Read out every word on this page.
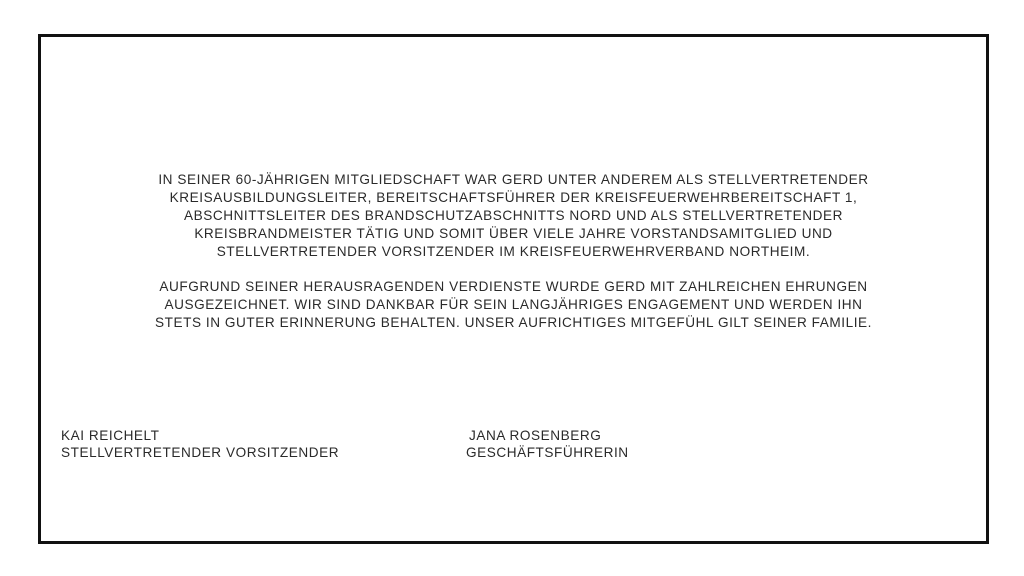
IN SEINER 60-JÄHRIGEN MITGLIEDSCHAFT WAR GERD UNTER ANDEREM ALS STELLVERTRETENDER
KREISAUSBILDUNGSLEITER, BEREITSCHAFTSFÜHRER DER KREISFEUERWEHRBEREITSCHAFT 1,
ABSCHNITTSLEITER DES BRANDSCHUTZABSCHNITTS NORD UND ALS STELLVERTRETENDER
KREISBRANDMEISTER TÄTIG UND SOMIT ÜBER VIELE JAHRE VORSTANDSAMITGLIED UND
STELLVERTRETENDER VORSITZENDER IM KREISFEUERWEHRVERBAND NORTHEIM.

AUFGRUND SEINER HERAUSRAGENDEN VERDIENSTE WURDE GERD MIT ZAHLREICHEN EHRUNGEN
AUSGEZEICHNET. WIR SIND DANKBAR FÜR SEIN LANGJÄHRIGES ENGAGEMENT UND WERDEN IHN
STETS IN GUTER ERINNERUNG BEHALTEN. UNSER AUFRICHTIGES MITGEFÜHL GILT SEINER FAMILIE.

KAI REICHELT
STELLVERTRETENDER VORSITZENDER
JANA ROSENBERG
GESCHÄFTSFÜHRERIN
